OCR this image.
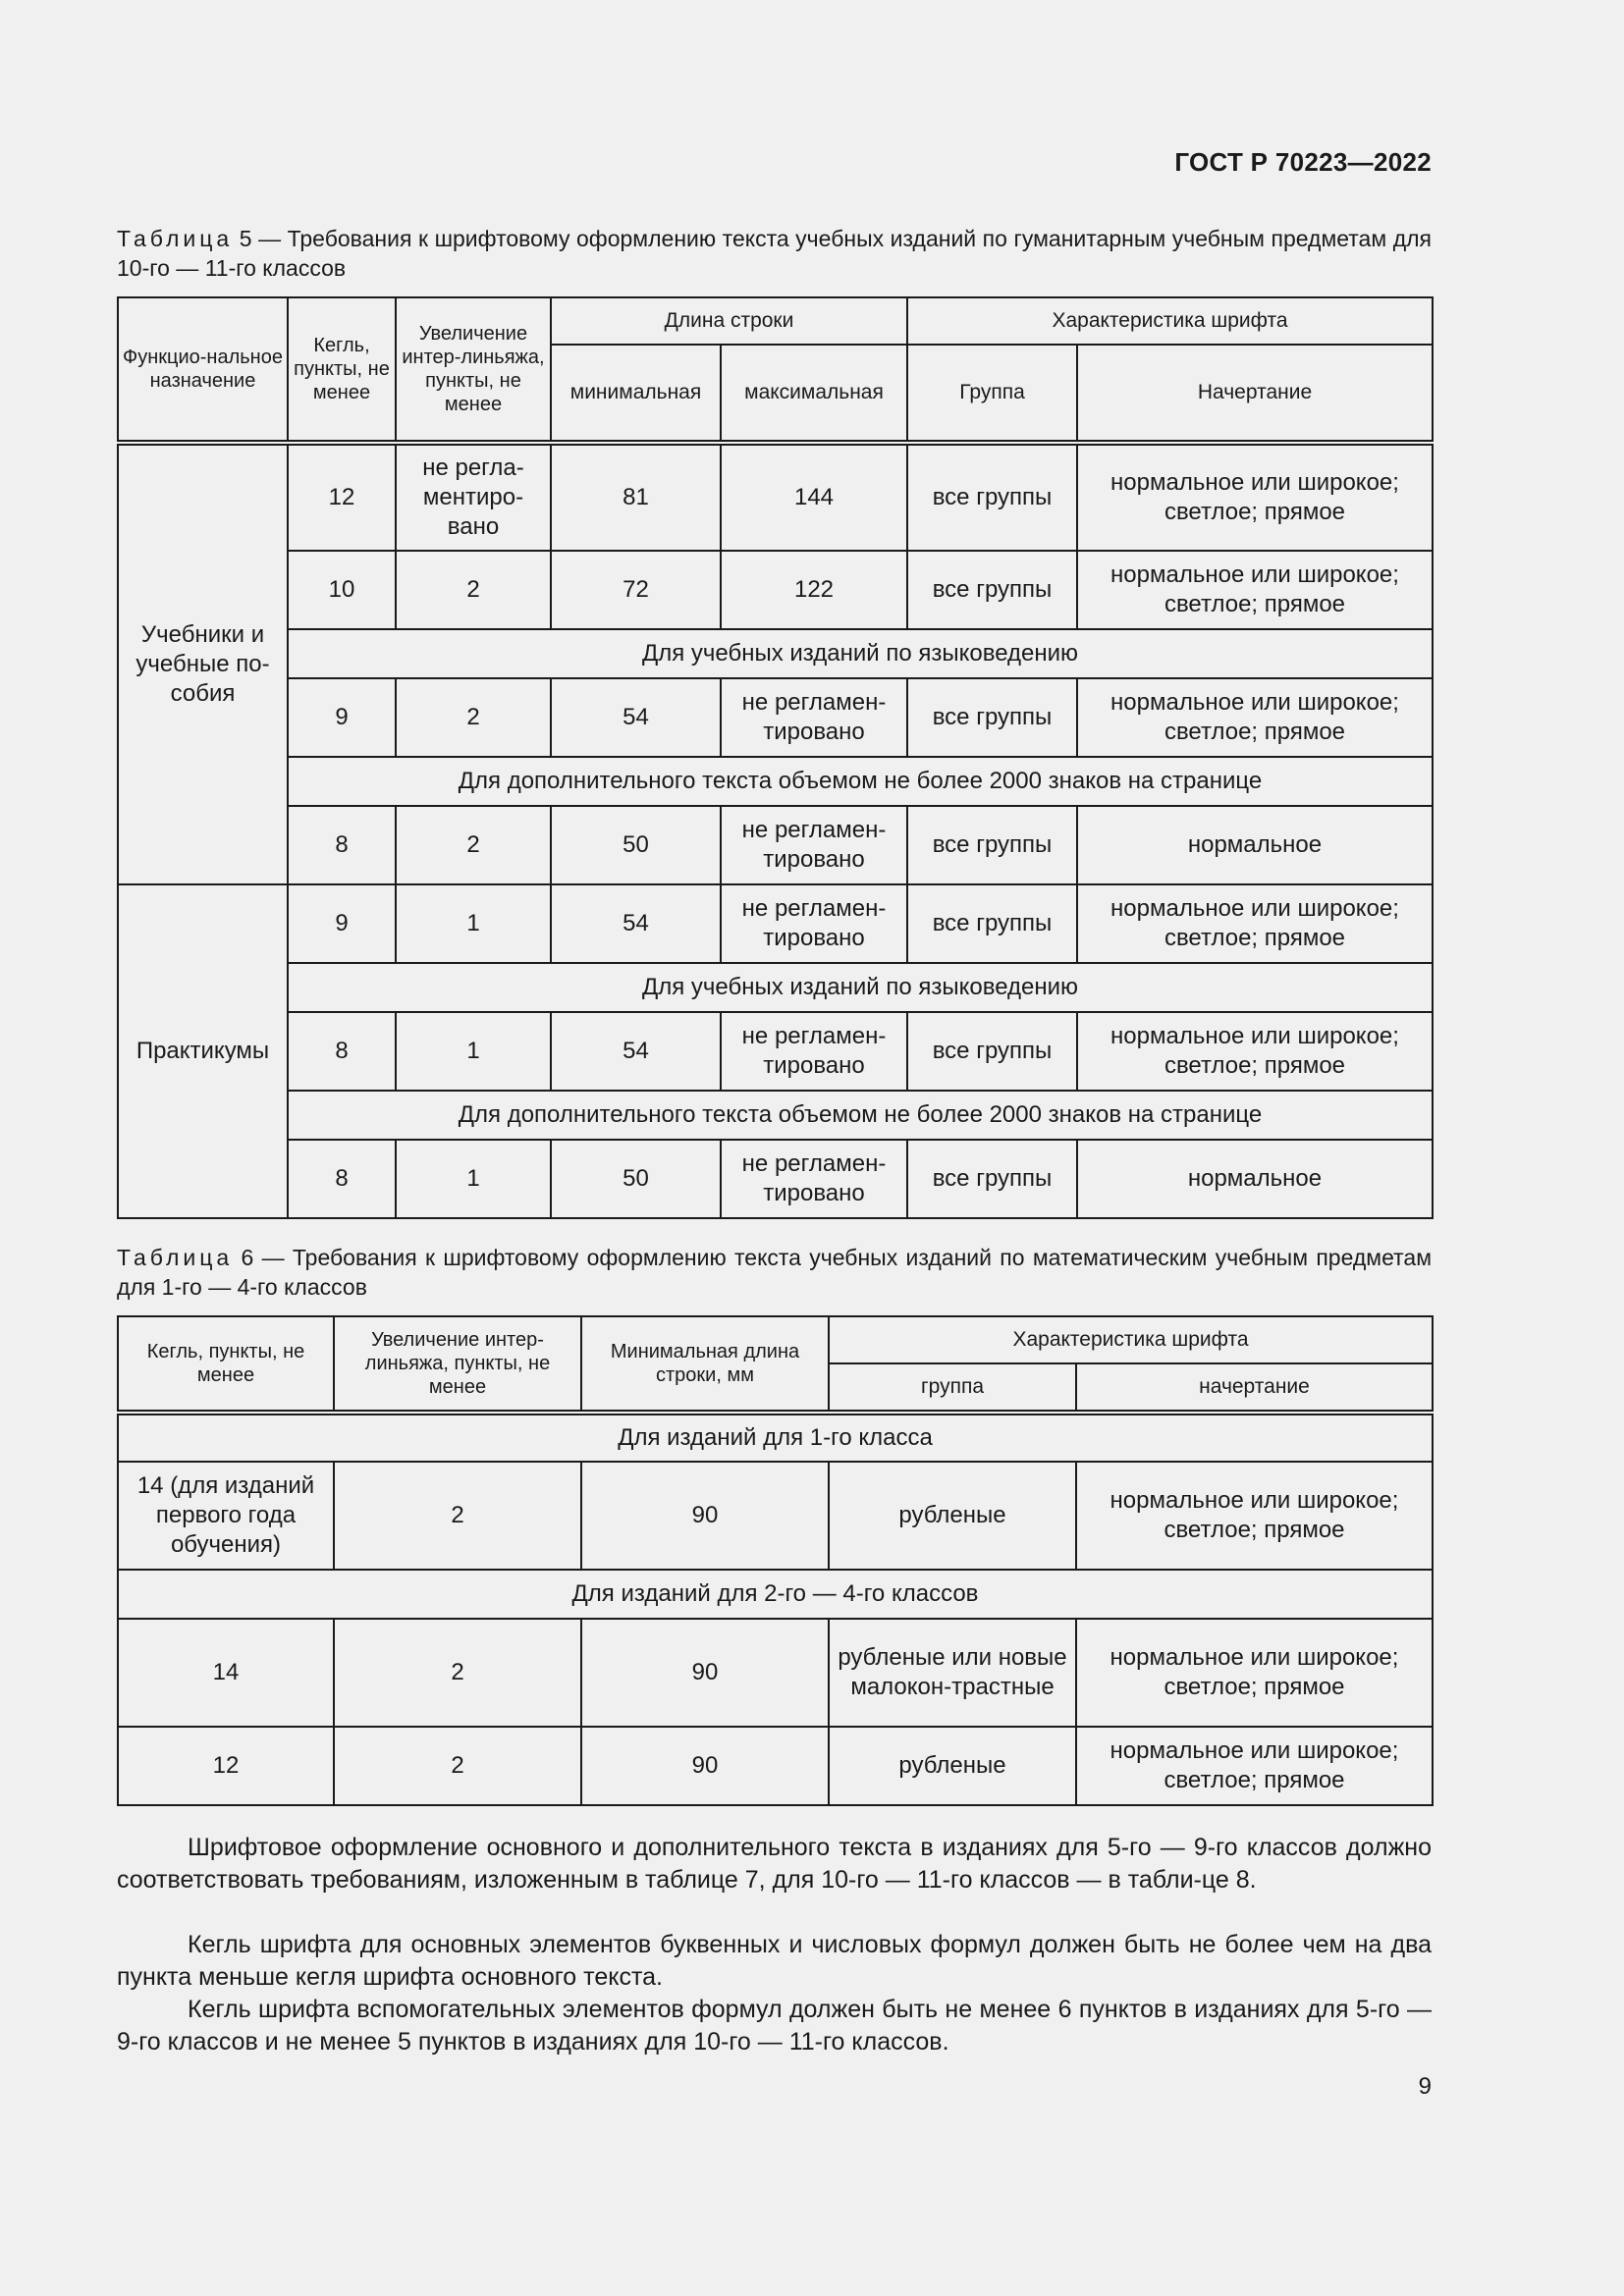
ГОСТ Р 70223—2022
Таблица 5 — Требования к шрифтовому оформлению текста учебных изданий по гуманитарным учебным предметам для 10-го — 11-го классов
Функцио-нальное назначение	Кегль, пункты, не менее	Увеличение интер-линьяжа, пункты, не менее	Длина строки		Характеристика шрифта	
			минимальная	максимальная	Группа	Начертание
Учебники и учебные по-собия	12	не регла-ментиро-вано	81	144	все группы	нормальное или широкое; светлое; прямое
	10	2	72	122	все группы	нормальное или широкое; светлое; прямое
	Для учебных изданий по языковедению					
	9	2	54	не регламен-тировано	все группы	нормальное или широкое; светлое; прямое
	Для дополнительного текста объемом не более 2000 знаков на странице					
	8	2	50	не регламен-тировано	все группы	нормальное
Практикумы	9	1	54	не регламен-тировано	все группы	нормальное или широкое; светлое; прямое
	Для учебных изданий по языковедению					
	8	1	54	не регламен-тировано	все группы	нормальное или широкое; светлое; прямое
	Для дополнительного текста объемом не более 2000 знаков на странице					
	8	1	50	не регламен-тировано	все группы	нормальное
Таблица 6 — Требования к шрифтовому оформлению текста учебных изданий по математическим учебным предметам для 1-го — 4-го классов
Кегль, пункты, не менее	Увеличение интер-линьяжа, пункты, не менее	Минимальная длина строки, мм	Характеристика шрифта	
			группа	начертание
Для изданий для 1-го класса				
14 (для изданий первого года обучения)	2	90	рубленые	нормальное или широкое; светлое; прямое
Для изданий для 2-го — 4-го классов				
14	2	90	рубленые или новые малокон-трастные	нормальное или широкое; светлое; прямое
12	2	90	рубленые	нормальное или широкое; светлое; прямое
Шрифтовое оформление основного и дополнительного текста в изданиях для 5-го — 9-го классов должно соответствовать требованиям, изложенным в таблице 7, для 10-го — 11-го классов — в табли-це 8.
Кегль шрифта для основных элементов буквенных и числовых формул должен быть не более чем на два пункта меньше кегля шрифта основного текста.
Кегль шрифта вспомогательных элементов формул должен быть не менее 6 пунктов в изданиях для 5-го — 9-го классов и не менее 5 пунктов в изданиях для 10-го — 11-го классов.
9
